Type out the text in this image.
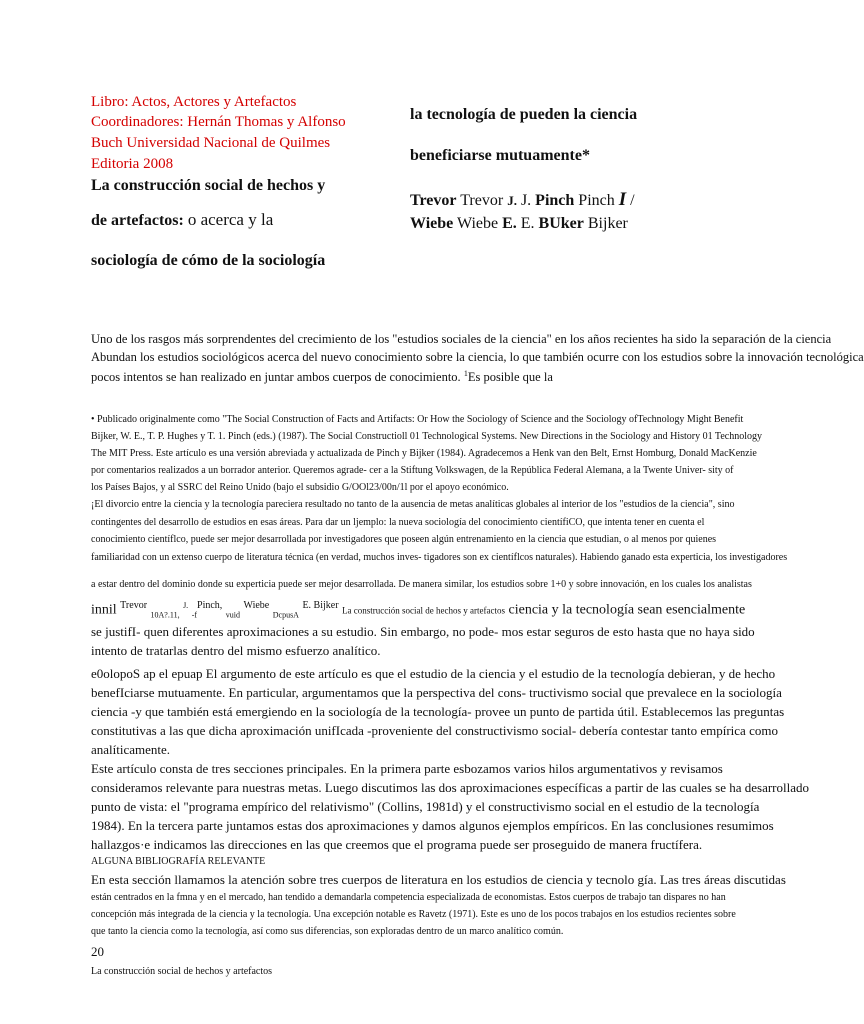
Libro: Actos, Actores y Artefactos
Coordinadores: Hernán Thomas y Alfonso
Buch Universidad Nacional de Quilmes
Editoria 2008
La construcción social de hechos y
de artefactos: o acerca y la
sociología de cómo de la sociología
la tecnología de pueden la ciencia
beneficiarse mutuamente*
Trevor Trevor J. J. Pinch Pinch I /
Wiebe Wiebe E. E. BUker Bijker
Uno de los rasgos más sorprendentes del crecimiento de los "estudios sociales de la ciencia" en los años recientes ha sido la separación de la ciencia
Abundan los estudios sociológicos acerca del nuevo conocimiento sobre la ciencia, lo que también ocurre con los estudios sobre la innovación tecnológica
pocos intentos se han realizado en juntar ambos cuerpos de conocimiento. $^1$Es posible que la
• Publicado originalmente como "The Social Construction of Facts and Artifacts: Or How the Sociology of Science and the Sociology ofTechnology Might Benefit
Bijker, W. E., T. P. Hughes y T. 1. Pinch (eds.) (1987). The Social Constructioll 01 Technological Systems. New Directions in the Sociology and History 01 Technology
The MIT Press. Este artículo es una versión abreviada y actualizada de Pinch y Bijker (1984). Agradecemos a Henk van den Belt, Ernst Homburg, Donald MacKenzie
por comentarios realizados a un borrador anterior. Queremos agrade- cer a la Stiftung Volkswagen, de la República Federal Alemana, a la Twente Univer- sity of
los Países Bajos, y al SSRC del Reino Unido (bajo el subsidio G/OOl23/00n/1l por el apoyo económico.
¡El divorcio entre la ciencia y la tecnología pareciera resultado no tanto de la ausencia de metas analíticas globales al interior de los "estudios de la ciencia", sino
contingentes del desarrollo de estudios en esas áreas. Para dar un ljemplo: la nueva sociología del conocimiento científiCO, que intenta tener en cuenta el
conocimiento científlco, puede ser mejor desarrollada por investigadores que poseen algún entrenamiento en la ciencia que estudian, o al menos por quienes
familiaridad con un extenso cuerpo de literatura técnica (en verdad, muchos inves- tigadores son ex científlcos naturales). Habiendo ganado esta experticia, los investigadores
a estar dentro del dominio donde su experticia puede ser mejor desarrollada. De manera similar, los estudios sobre 1+0 y sobre innovación, en los cuales los analistas
innil $^{Trevor}$ $_{10A?.11,}$ $^{J.}$ $_{-f}^{Pinch,}$ $_{vuid}$ $^{Wiebe}$ $_{DcpusA}$ $^{E. Bijker}$ La construcción social de hechos y artefactos ciencia y la tecnología sean esencialmente
se justifI- quen diferentes aproximaciones a su estudio. Sin embargo, no pode- mos estar seguros de esto hasta que no haya sido
intento de tratarlas dentro del mismo esfuerzo analítico.
e0olopoS ap el epuap El argumento de este artículo es que el estudio de la ciencia y el estudio de la tecnología debieran, y de hecho
benefIciarse mutuamente. En particular, argumentamos que la perspectiva del cons- tructivismo social que prevalece en la sociología
ciencia -y que también está emergiendo en la sociología de la tecnología- provee un punto de partida útil. Establecemos las preguntas
constitutivas a las que dicha aproximación unifIcada -proveniente del constructivismo social- debería contestar tanto empírica como
analíticamente.
Este artículo consta de tres secciones principales. En la primera parte esbozamos varios hilos argumentativos y revisamos
consideramos relevante para nuestras metas. Luego discutimos las dos aproximaciones específicas a partir de las cuales se ha desarrollado
punto de vista: el "programa empírico del relativismo" (Collins, 1981d) y el constructivismo social en el estudio de la tecnología
1984). En la tercera parte juntamos estas dos aproximaciones y damos algunos ejemplos empíricos. En las conclusiones resumimos
hallazgos·e indicamos las direcciones en las que creemos que el programa puede ser proseguido de manera fructífera.
ALGUNA BIBLIOGRAFÍA RELEVANTE
En esta sección llamamos la atención sobre tres cuerpos de literatura en los estudios de ciencia y tecnolo gía. Las tres áreas discutidas
están centrados en la fmna y en el mercado, han tendido a demandarla competencia especializada de economistas. Estos cuerpos de trabajo tan dispares no han
concepción más integrada de la ciencia y la tecnología. Una excepción notable es Ravetz (1971). Este es uno de los pocos trabajos en los estudios recientes sobre
que tanto la ciencia como la tecnología, así como sus diferencias, son exploradas dentro de un marco analítico común.
20
La construcción social de hechos y artefactos
